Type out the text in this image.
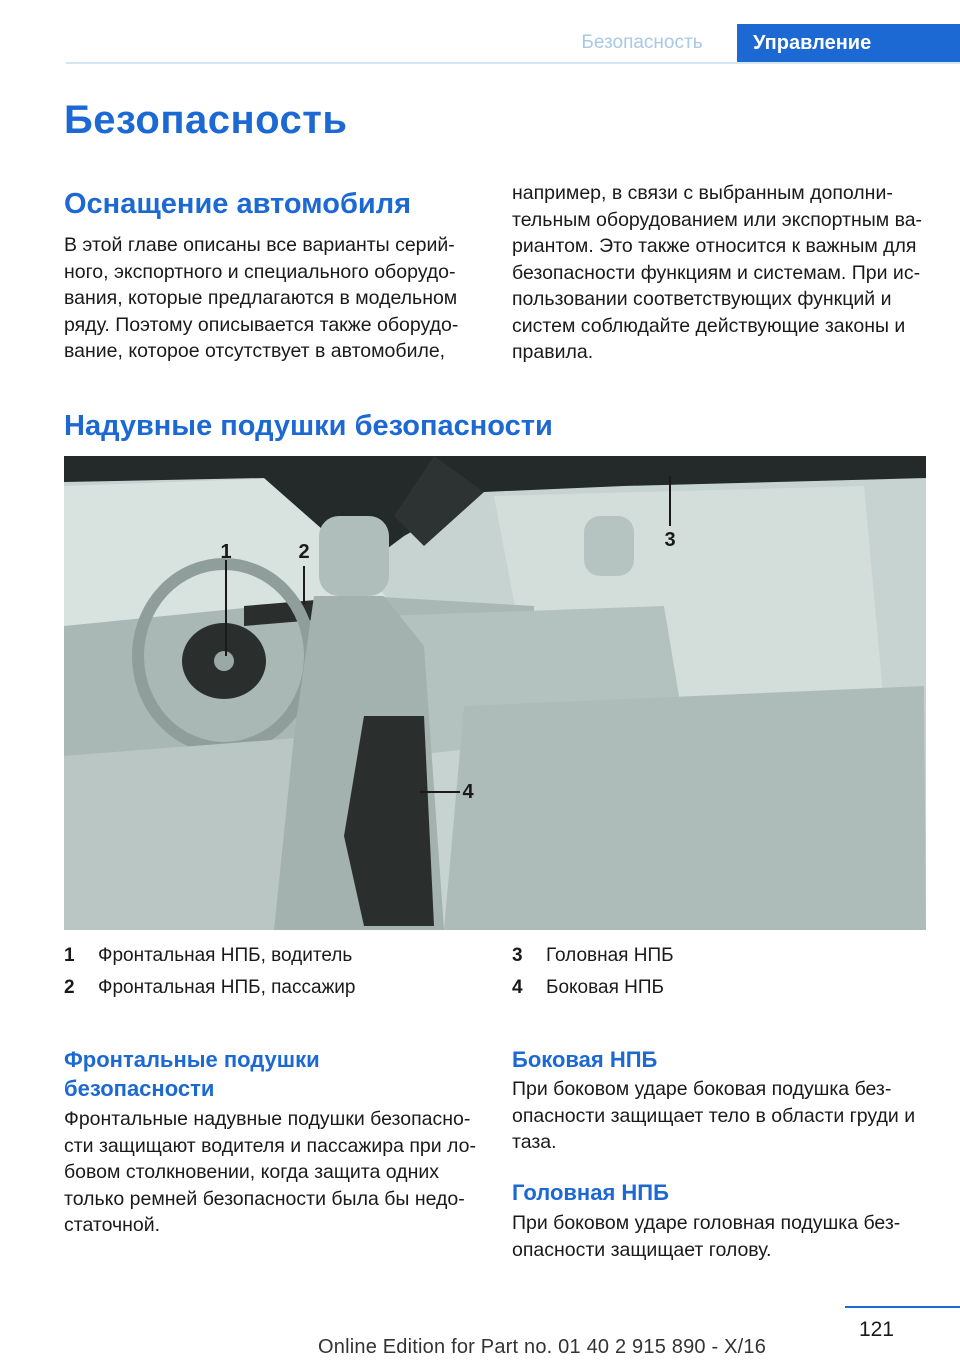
Безопасность	Управление
Безопасность
Оснащение автомобиля

В этой главе описаны все варианты серий-ного, экспортного и специального оборудо-вания, которые предлагаются в модельном ряду. Поэтому описывается также оборудо-вание, которое отсутствует в автомобиле,

например, в связи с выбранным дополни-тельным оборудованием или экспортным ва-риантом. Это также относится к важным для безопасности функциям и системам. При ис-пользовании соответствующих функций и систем соблюдайте действующие законы и правила.

Надувные подушки безопасности
1	2
3
4
1	Фронтальная НПБ, водитель
2	Фронтальная НПБ, пассажир
3	Головная НПБ
4	Боковая НПБ
Фронтальные подушки безопасности

Фронтальные надувные подушки безопасно-сти защищают водителя и пассажира при ло-бовом столкновении, когда защита одних только ремней безопасности была бы недо-статочной.

Боковая НПБ

При боковом ударе боковая подушка без-опасности защищает тело в области груди и таза.

Головная НПБ

При боковом ударе головная подушка без-опасности защищает голову.

121
Online Edition for Part no. 01 40 2 915 890 - X/16
